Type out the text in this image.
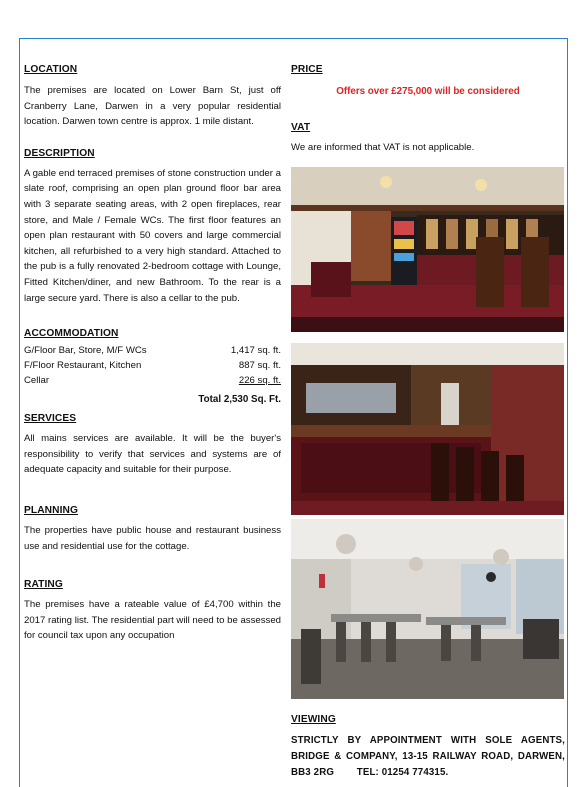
LOCATION
The premises are located on Lower Barn St, just off Cranberry Lane, Darwen in a very popular residential location. Darwen town centre is approx. 1 mile distant.
DESCRIPTION
A gable end terraced premises of stone construction under a slate roof, comprising an open plan ground floor bar area with 3 separate seating areas, with 2 open fireplaces, rear store, and Male / Female WCs. The first floor features an open plan restaurant with 50 covers and large commercial kitchen, all refurbished to a very high standard. Attached to the pub is a fully renovated 2-bedroom cottage with Lounge, Fitted Kitchen/diner, and new Bathroom. To the rear is a large secure yard. There is also a cellar to the pub.
ACCOMMODATION
G/Floor Bar, Store, M/F WCs	1,417 sq. ft.
F/Floor Restaurant, Kitchen	887 sq. ft.
Cellar	226 sq. ft.
Total 2,530 Sq. Ft.
SERVICES
All mains services are available. It will be the buyer's responsibility to verify that services and systems are of adequate capacity and suitable for their purpose.
PLANNING
The properties have public house and restaurant business use and residential use for the cottage.
RATING
The premises have a rateable value of £4,700 within the 2017 rating list. The residential part will need to be assessed for council tax upon any occupation
PRICE
Offers over £275,000 will be considered
VAT
We are informed that VAT is not applicable.
VIEWING
STRICTLY BY APPOINTMENT WITH SOLE AGENTS, BRIDGE & COMPANY, 13-15 RAILWAY ROAD, DARWEN, BB3 2RG        TEL: 01254 774315.
